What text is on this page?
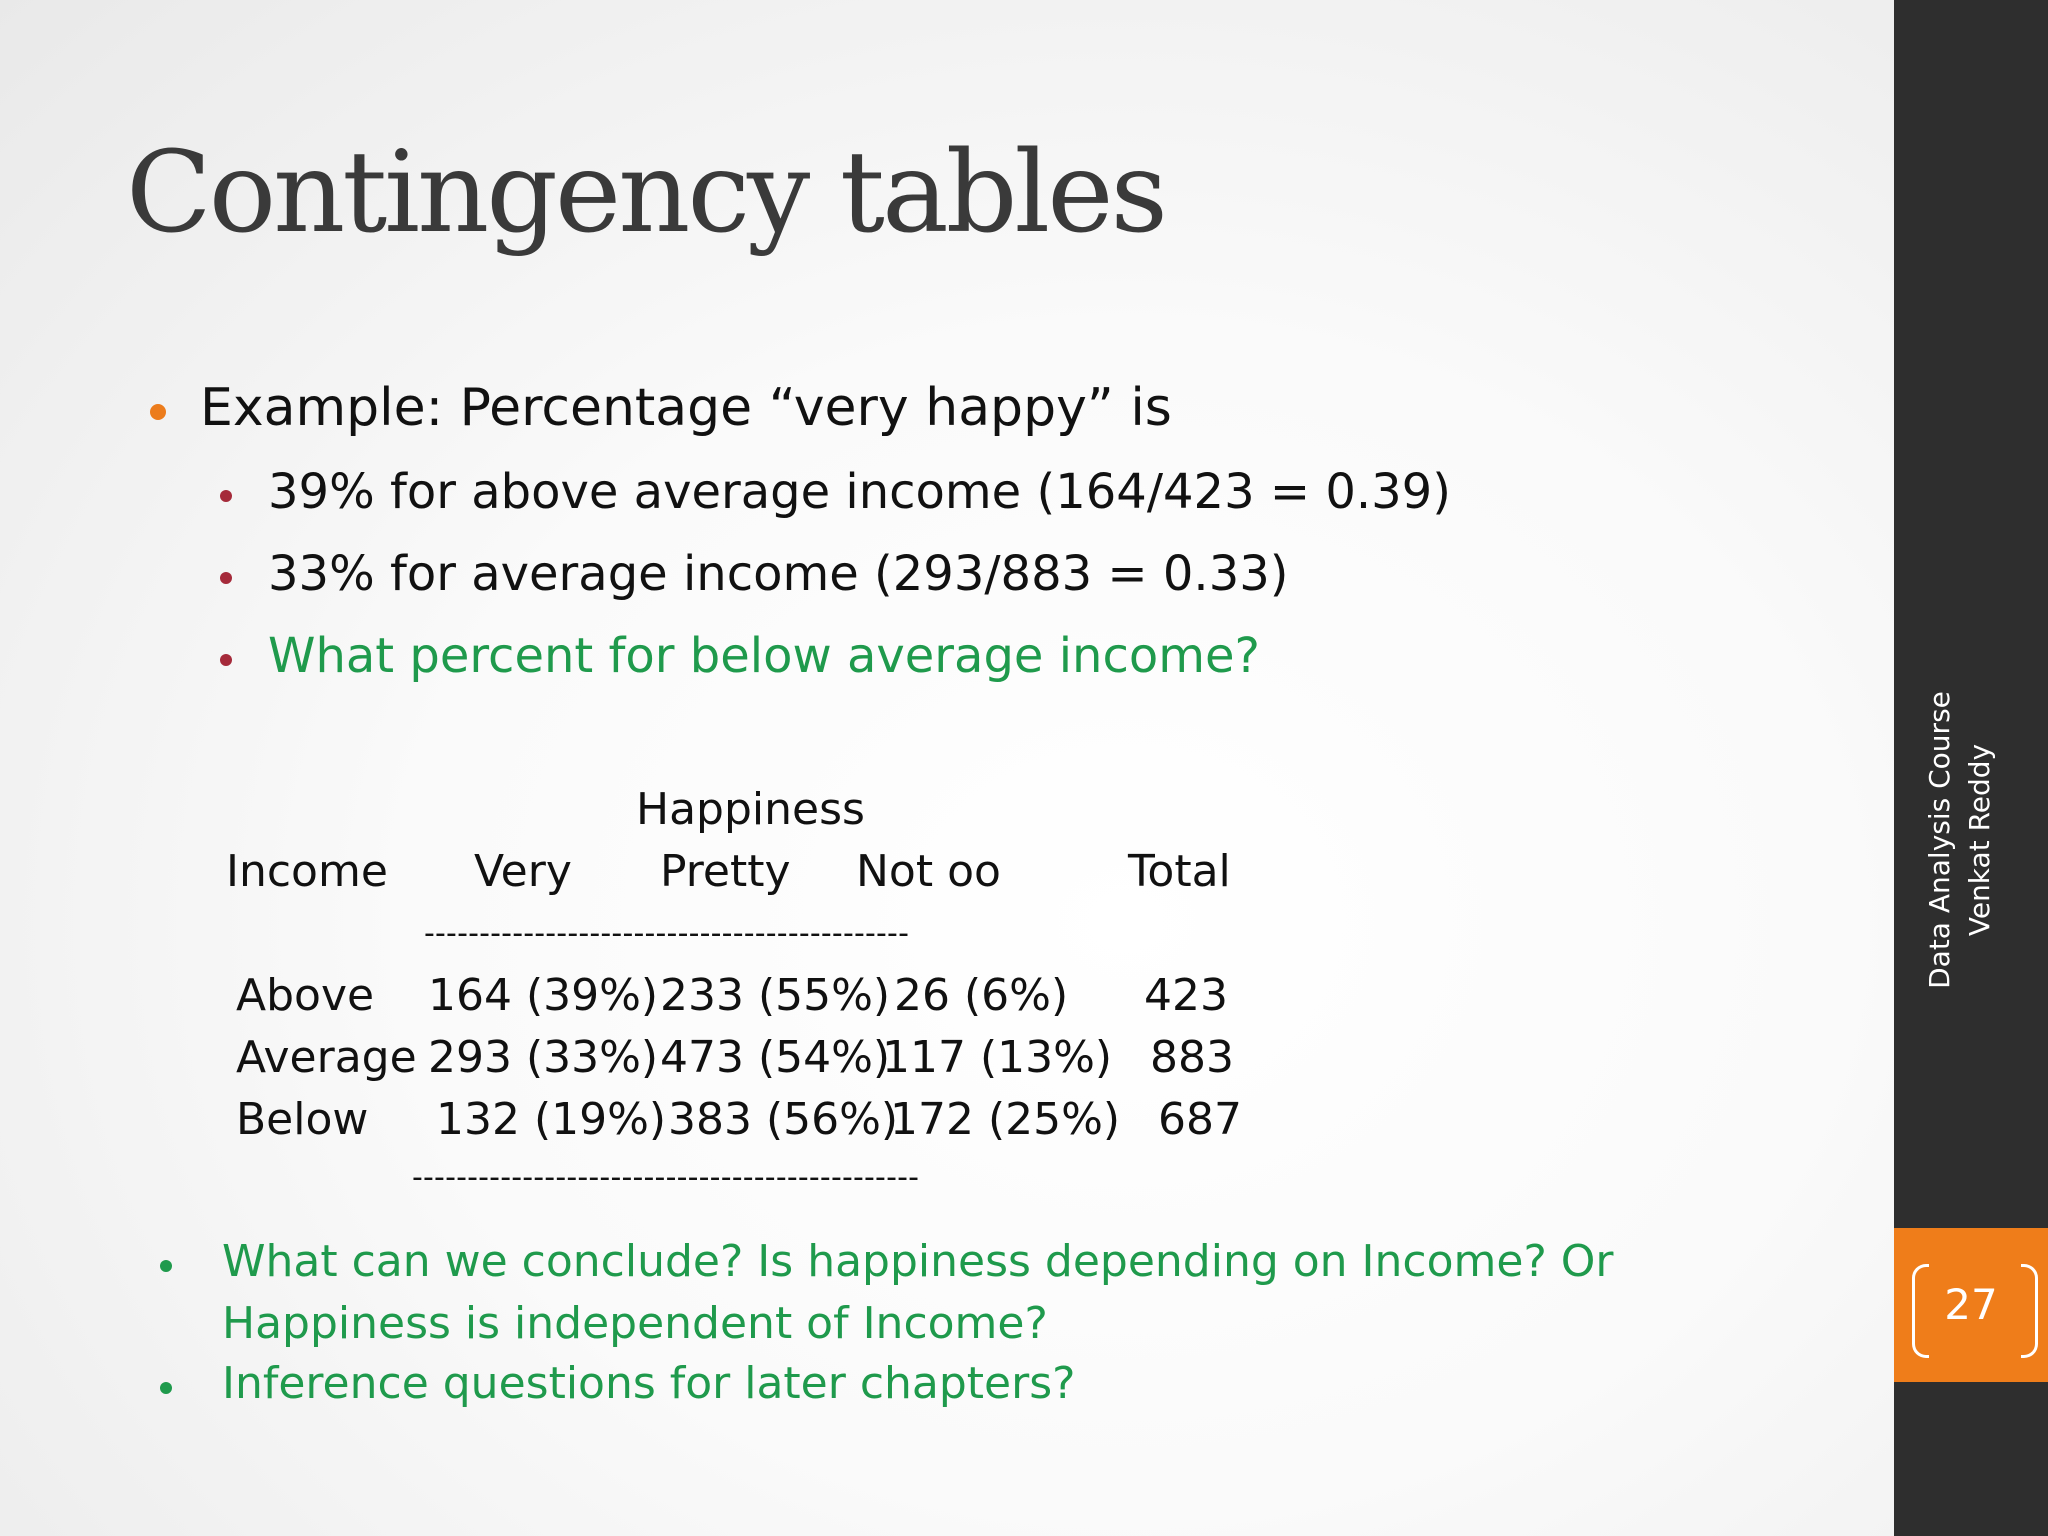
Contingency tables
Example: Percentage “very happy” is
39% for above average income (164/423 = 0.39)
33% for average income (293/883 = 0.33)
What percent for below average income?
Happiness
Income Very Pretty Not oo	Total
--------------------------------------------
Above 164 (39%) 233 (55%) 26 (6%) 423
Average 293 (33%) 473 (54%)
117 (13%) 883
Below 132 (19%) 383 (56%)
172 (25%) 687
----------------------------------------------
What can we conclude? Is happiness depending on Income? Or
Happiness is independent of Income?
Inference questions for later chapters?
Data Analysis Course Venkat Reddy
27
